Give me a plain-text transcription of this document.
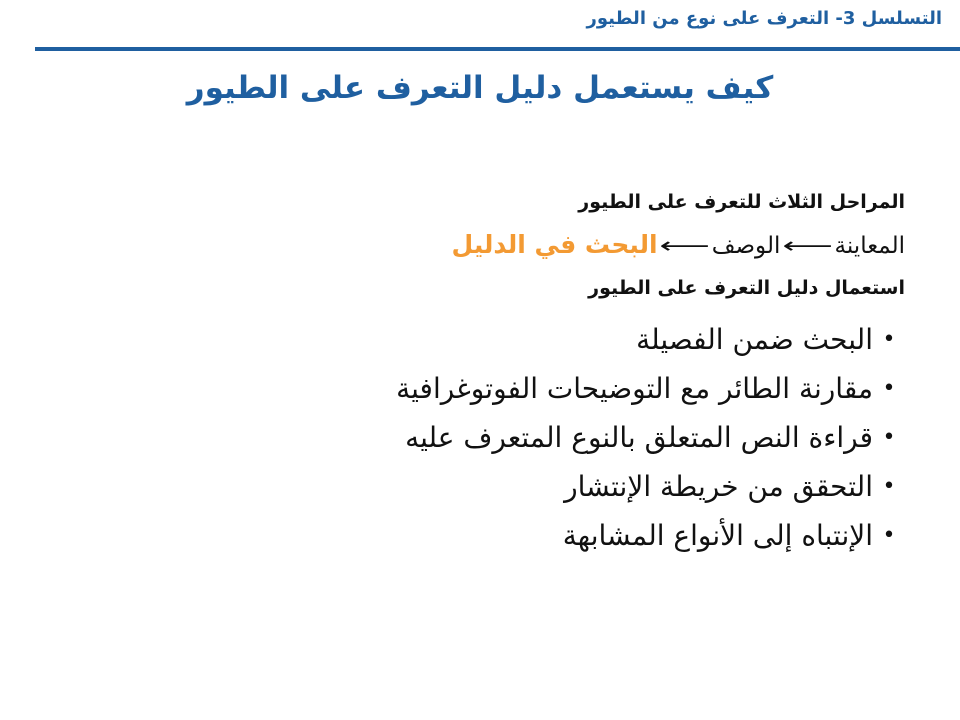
التسلسل 3- التعرف على نوع من الطيور
كيف يستعمل دليل التعرف على الطيور
المراحل الثلاث للتعرف على الطيور
المعاينة ⟵ الوصف ⟵ البحث في الدليل
استعمال دليل التعرف على الطيور
•البحث ضمن الفصيلة
•مقارنة الطائر مع التوضيحات الفوتوغرافية
•قراءة النص المتعلق بالنوع المتعرف عليه
•التحقق من خريطة الإنتشار
•الإنتباه إلى الأنواع المشابهة
